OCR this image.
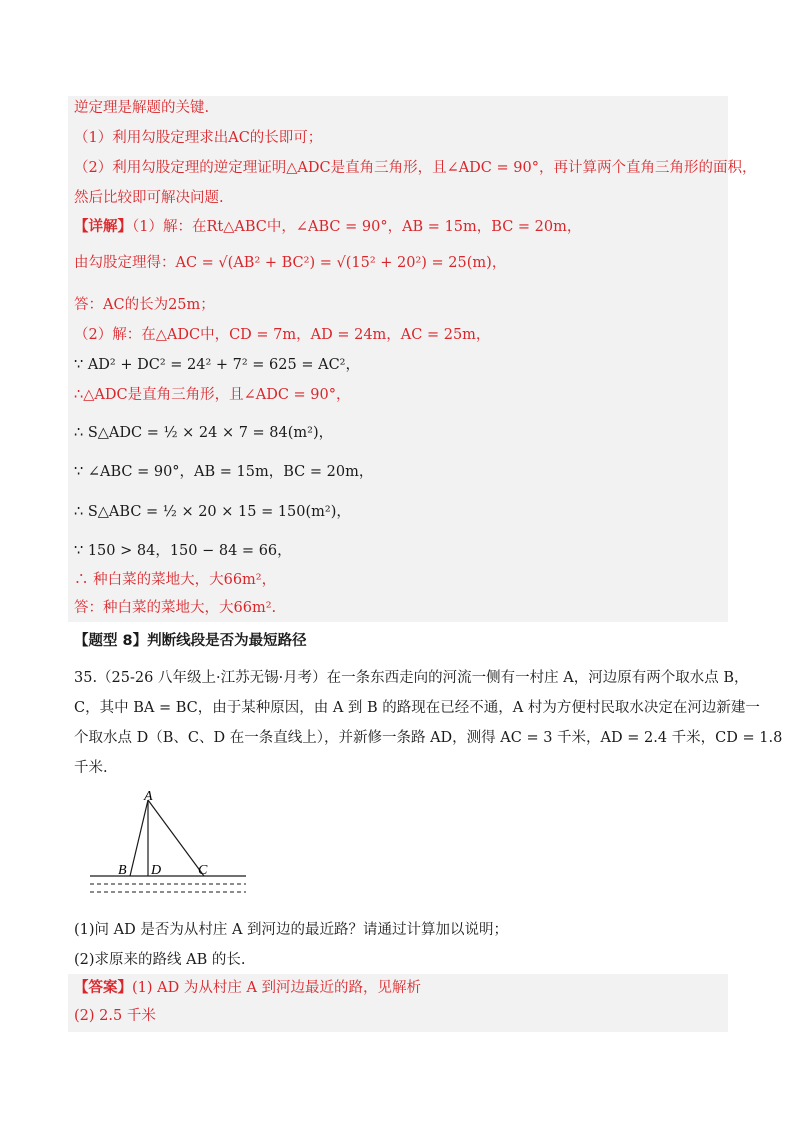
逆定理是解题的关键.
（1）利用勾股定理求出AC的长即可；
（2）利用勾股定理的逆定理证明△ADC是直角三角形，且∠ADC = 90°，再计算两个直角三角形的面积，
然后比较即可解决问题.
【详解】（1）解：在Rt△ABC中，∠ABC = 90°，AB = 15m，BC = 20m，
由勾股定理得：AC = √(AB² + BC²) = √(15² + 20²) = 25(m)，
答：AC的长为25m；
（2）解：在△ADC中，CD = 7m，AD = 24m，AC = 25m，
∵ AD² + DC² = 24² + 7² = 625 = AC²，
∴△ADC是直角三角形，且∠ADC = 90°，
∴ S△ADC = ½ × 24 × 7 = 84(m²)，
∵ ∠ABC = 90°，AB = 15m，BC = 20m，
∴ S△ABC = ½ × 20 × 15 = 150(m²)，
∵ 150 > 84，150 − 84 = 66，
∴ 种白菜的菜地大，大66m²，
答：种白菜的菜地大，大66m².
【题型 8】判断线段是否为最短路径
35.（25-26 八年级上·江苏无锡·月考）在一条东西走向的河流一侧有一村庄 A，河边原有两个取水点 B，
C，其中 BA = BC，由于某种原因，由 A 到 B 的路现在已经不通，A 村为方便村民取水决定在河边新建一
个取水点 D（B、C、D 在一条直线上），并新修一条路 AD，测得 AC = 3 千米，AD = 2.4 千米，CD = 1.8
千米.
A
B D	C
(1)问 AD 是否为从村庄 A 到河边的最近路？请通过计算加以说明；
(2)求原来的路线 AB 的长.
【答案】(1) AD 为从村庄 A 到河边最近的路，见解析
(2) 2.5 千米
